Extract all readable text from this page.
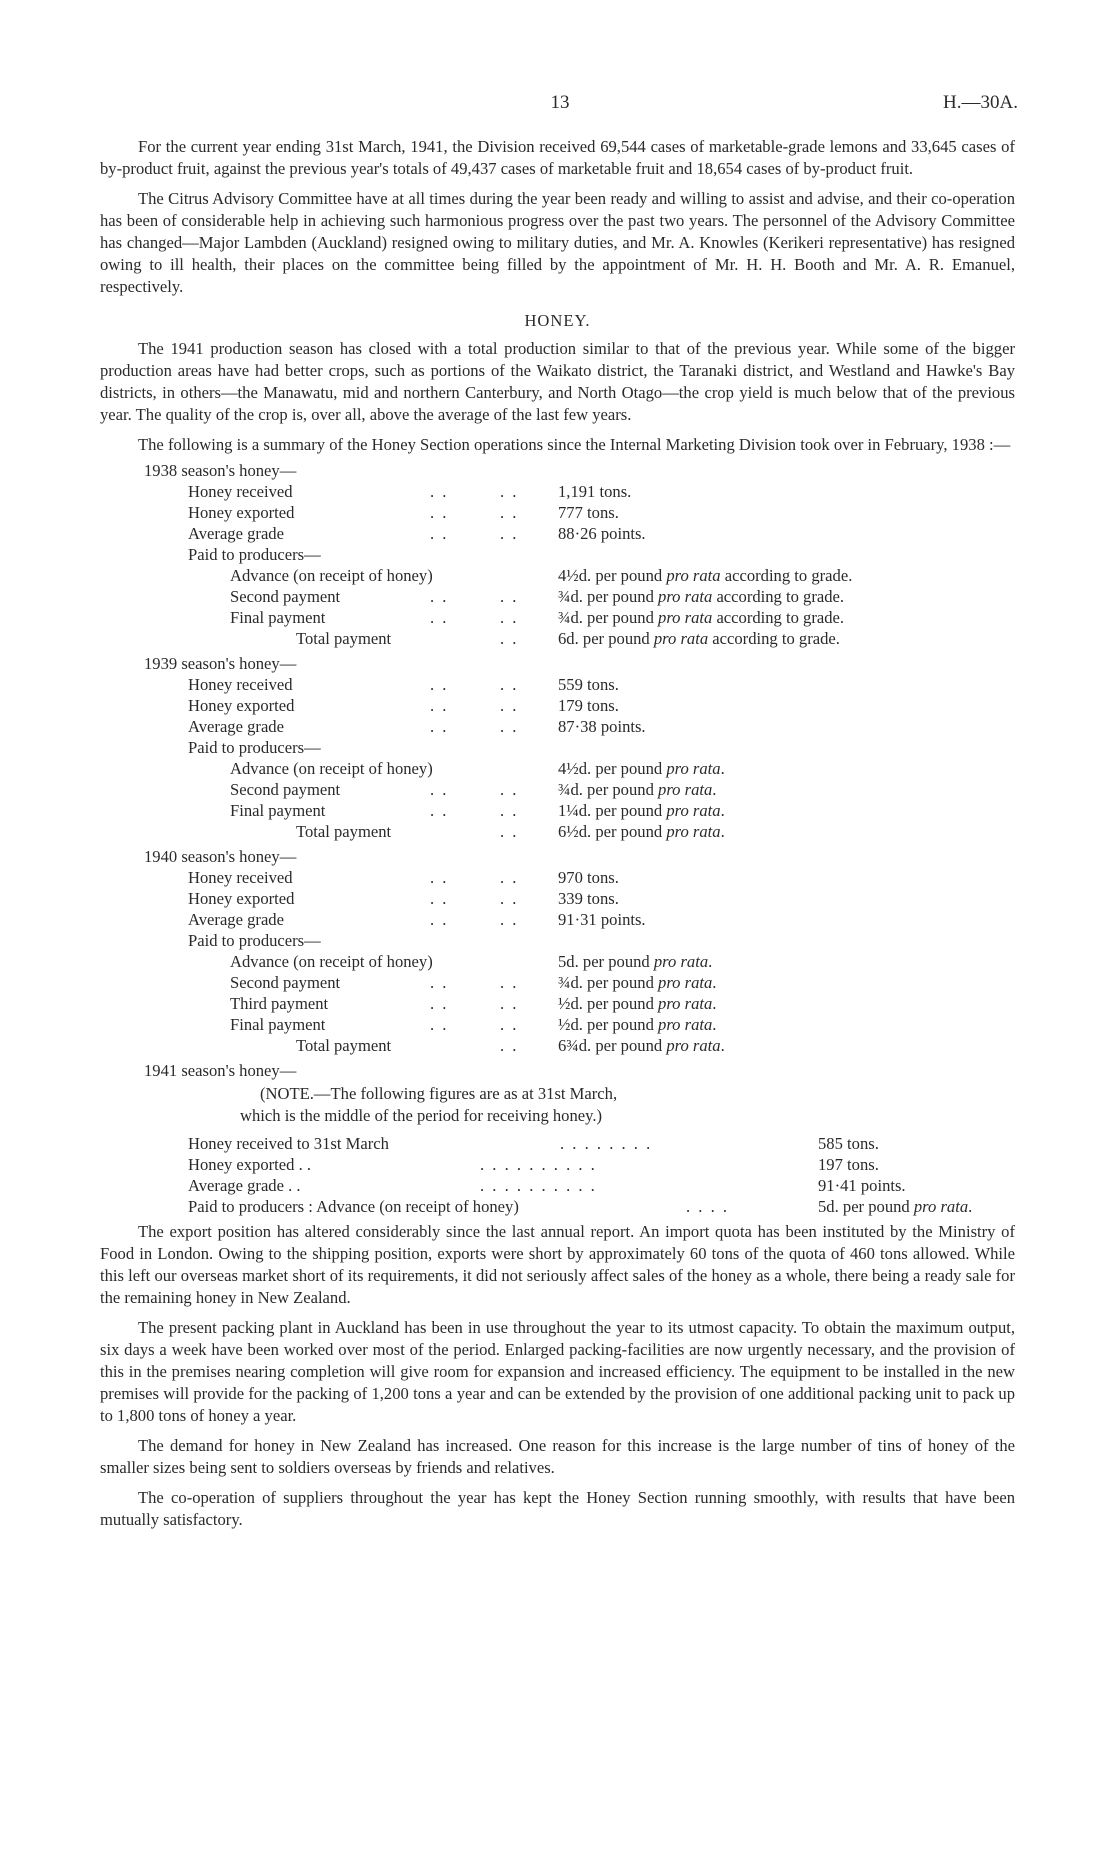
13	H.—30A.

For the current year ending 31st March, 1941, the Division received 69,544 cases of marketable-grade lemons and 33,645 cases of by-product fruit, against the previous year's totals of 49,437 cases of marketable fruit and 18,654 cases of by-product fruit.

The Citrus Advisory Committee have at all times during the year been ready and willing to assist and advise, and their co-operation has been of considerable help in achieving such harmonious progress over the past two years. The personnel of the Advisory Committee has changed—Major Lambden (Auckland) resigned owing to military duties, and Mr. A. Knowles (Kerikeri representative) has resigned owing to ill health, their places on the committee being filled by the appointment of Mr. H. H. Booth and Mr. A. R. Emanuel, respectively.

HONEY.

The 1941 production season has closed with a total production similar to that of the previous year. While some of the bigger production areas have had better crops, such as portions of the Waikato district, the Taranaki district, and Westland and Hawke's Bay districts, in others—the Manawatu, mid and northern Canterbury, and North Otago—the crop yield is much below that of the previous year. The quality of the crop is, over all, above the average of the last few years.

The following is a summary of the Honey Section operations since the Internal Marketing Division took over in February, 1938 :—

1938 season's honey—
Honey received	. .	. . 1,191 tons.
Honey exported	. .	. . 777 tons.
Average grade	. .	. . 88·26 points.
Paid to producers—
Advance (on receipt of honey)	4½d. per pound pro rata according to grade.
Second payment	. .	. . ¾d. per pound pro rata according to grade.
Final payment	. .	. . ¾d. per pound pro rata according to grade.
Total payment	. . 6d. per pound pro rata according to grade.
1939 season's honey—
Honey received	. .	. . 559 tons.
Honey exported	. .	. . 179 tons.
Average grade	. .	. . 87·38 points.
Paid to producers—
Advance (on receipt of honey)	4½d. per pound pro rata.
Second payment	. .	. . ¾d. per pound pro rata.
Final payment	. .	. . 1¼d. per pound pro rata.
Total payment	. . 6½d. per pound pro rata.
1940 season's honey—
Honey received	. .	. . 970 tons.
Honey exported	. .	. . 339 tons.
Average grade	. .	. . 91·31 points.
Paid to producers—
Advance (on receipt of honey)	5d. per pound pro rata.
Second payment	. .	. . ¾d. per pound pro rata.
Third payment	. .	. . ½d. per pound pro rata.
Final payment	. .	. . ½d. per pound pro rata.
Total payment	. . 6¾d. per pound pro rata.
1941 season's honey—
(NOTE.—The following figures are as at 31st March,
which is the middle of the period for receiving honey.)
Honey received to 31st March	. . . . . . . .	585 tons.
Honey exported . .	. . . . . . . . . .	197 tons.
Average grade . .	. . . . . . . . . .	91·41 points.
Paid to producers : Advance (on receipt of honey)	. . . .	5d. per pound pro rata.

The export position has altered considerably since the last annual report. An import quota has been instituted by the Ministry of Food in London. Owing to the shipping position, exports were short by approximately 60 tons of the quota of 460 tons allowed. While this left our overseas market short of its requirements, it did not seriously affect sales of the honey as a whole, there being a ready sale for the remaining honey in New Zealand.

The present packing plant in Auckland has been in use throughout the year to its utmost capacity. To obtain the maximum output, six days a week have been worked over most of the period. Enlarged packing-facilities are now urgently necessary, and the provision of this in the premises nearing completion will give room for expansion and increased efficiency. The equipment to be installed in the new premises will provide for the packing of 1,200 tons a year and can be extended by the provision of one additional packing unit to pack up to 1,800 tons of honey a year.

The demand for honey in New Zealand has increased. One reason for this increase is the large number of tins of honey of the smaller sizes being sent to soldiers overseas by friends and relatives.

The co-operation of suppliers throughout the year has kept the Honey Section running smoothly, with results that have been mutually satisfactory.
